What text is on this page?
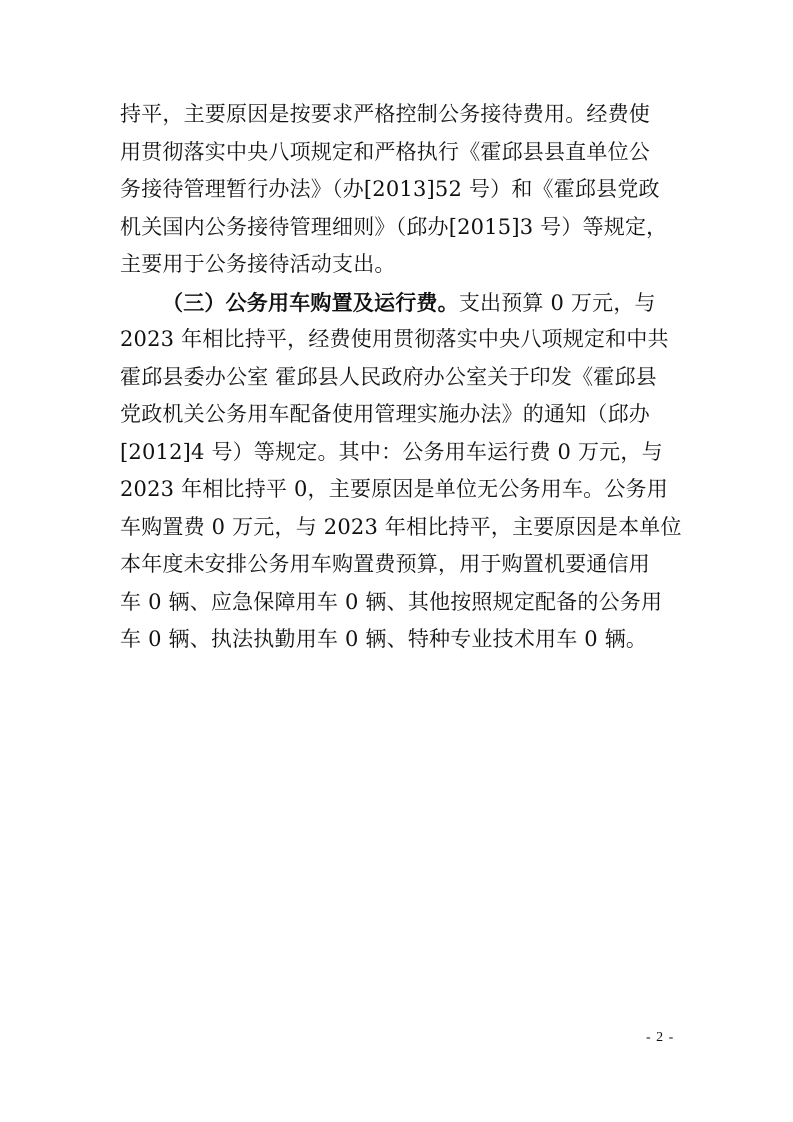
持平，主要原因是按要求严格控制公务接待费用。经费使
用贯彻落实中央八项规定和严格执行《霍邱县县直单位公
务接待管理暂行办法》（办[2013]52 号）和《霍邱县党政
机关国内公务接待管理细则》（邱办[2015]3 号）等规定，
主要用于公务接待活动支出。
（三）公务用车购置及运行费。支出预算 0 万元，与
2023 年相比持平，经费使用贯彻落实中央八项规定和中共
霍邱县委办公室 霍邱县人民政府办公室关于印发《霍邱县
党政机关公务用车配备使用管理实施办法》的通知（邱办
[2012]4 号）等规定。其中：公务用车运行费 0 万元，与
2023 年相比持平 0，主要原因是单位无公务用车。公务用
车购置费 0 万元，与 2023 年相比持平，主要原因是本单位
本年度未安排公务用车购置费预算，用于购置机要通信用
车 0 辆、应急保障用车 0 辆、其他按照规定配备的公务用
车 0 辆、执法执勤用车 0 辆、特种专业技术用车 0 辆。
- 2 -
